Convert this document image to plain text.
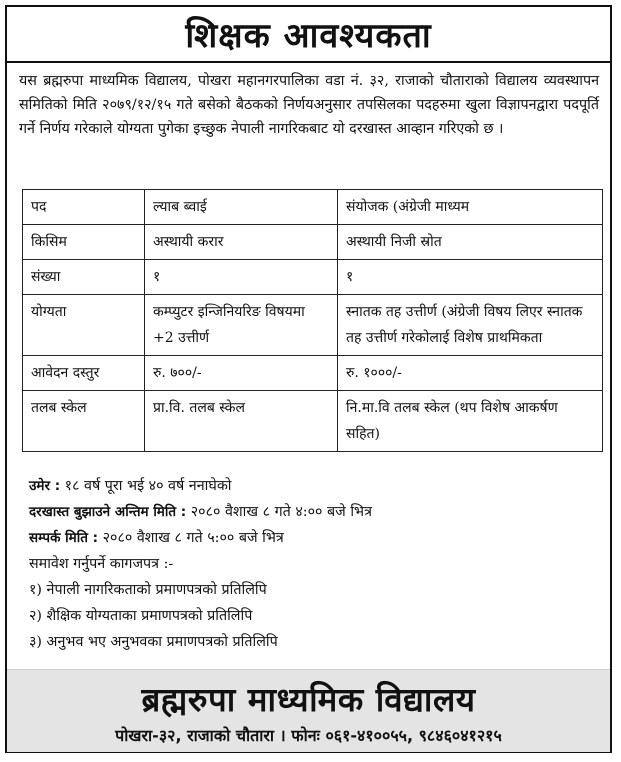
शिक्षक आवश्यकता
यस ब्रह्मरुपा माध्यमिक विद्यालय, पोखरा महानगरपालिका वडा नं. ३२, राजाको चौताराको विद्यालय व्यवस्थापन समितिको मिति २०७९/१२/१५ गते बसेको बैठकको निर्णयअनुसार तपसिलका पदहरुमा खुला विज्ञापनद्वारा पदपूर्ति गर्ने निर्णय गरेकाले योग्यता पुगेका इच्छुक नेपाली नागरिकबाट यो दरखास्त आव्हान गरिएको छ ।
पद	ल्याब ब्वाई	संयोजक (अंग्रेजी माध्यम
किसिम	अस्थायी करार	अस्थायी निजी स्रोत
संख्या	१	१
योग्यता	कम्प्युटर इन्जिनियरिङ विषयमा +2 उत्तीर्ण	स्नातक तह उत्तीर्ण (अंग्रेजी विषय लिएर स्नातक तह उत्तीर्ण गरेकोलाई विशेष प्राथमिकता
आवेदन दस्तुर	रु. ७००/-	रु. १०००/-
तलब स्केल	प्रा.वि. तलब स्केल	नि.मा.वि तलब स्केल (थप विशेष आकर्षण सहित)
उमेर : १८ वर्ष पूरा भई ४० वर्ष ननाघेको
दरखास्त बुझाउने अन्तिम मिति : २०८० वैशाख ८ गते ४:०० बजे भित्र
सम्पर्क मिति : २०८० वैशाख ८ गते ५:०० बजे भित्र
समावेश गर्नुपर्ने कागजपत्र :-
१) नेपाली नागरिकताको प्रमाणपत्रको प्रतिलिपि
२) शैक्षिक योग्यताका प्रमाणपत्रको प्रतिलिपि
३) अनुभव भए अनुभवका प्रमाणपत्रको प्रतिलिपि
ब्रह्मरुपा माध्यमिक विद्यालय
पोखरा-३२, राजाको चौतारा । फोनः ०६१-४१००५५, ९८४६०४१२१५
